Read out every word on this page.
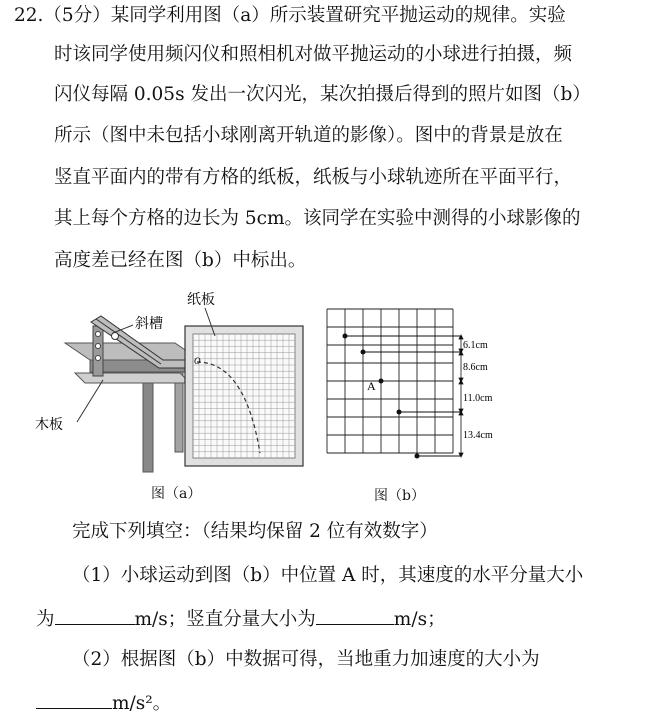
22.（5分）某同学利用图（a）所示装置研究平抛运动的规律。实验
时该同学使用频闪仪和照相机对做平抛运动的小球进行拍摄，频
闪仪每隔 0.05s 发出一次闪光，某次拍摄后得到的照片如图（b）
所示（图中未包括小球刚离开轨道的影像）。图中的背景是放在
竖直平面内的带有方格的纸板，纸板与小球轨迹所在平面平行，
其上每个方格的边长为 5cm。该同学在实验中测得的小球影像的
高度差已经在图（b）中标出。
O
斜槽
纸板
木板
图（a）
A
6.1cm
8.6cm
11.0cm
13.4cm
图（b）
完成下列填空：（结果均保留 2 位有效数字）
（1）小球运动到图（b）中位置 A 时，其速度的水平分量大小
为	m/s；竖直分量大小为	m/s；
（2）根据图（b）中数据可得，当地重力加速度的大小为
m/s²。
